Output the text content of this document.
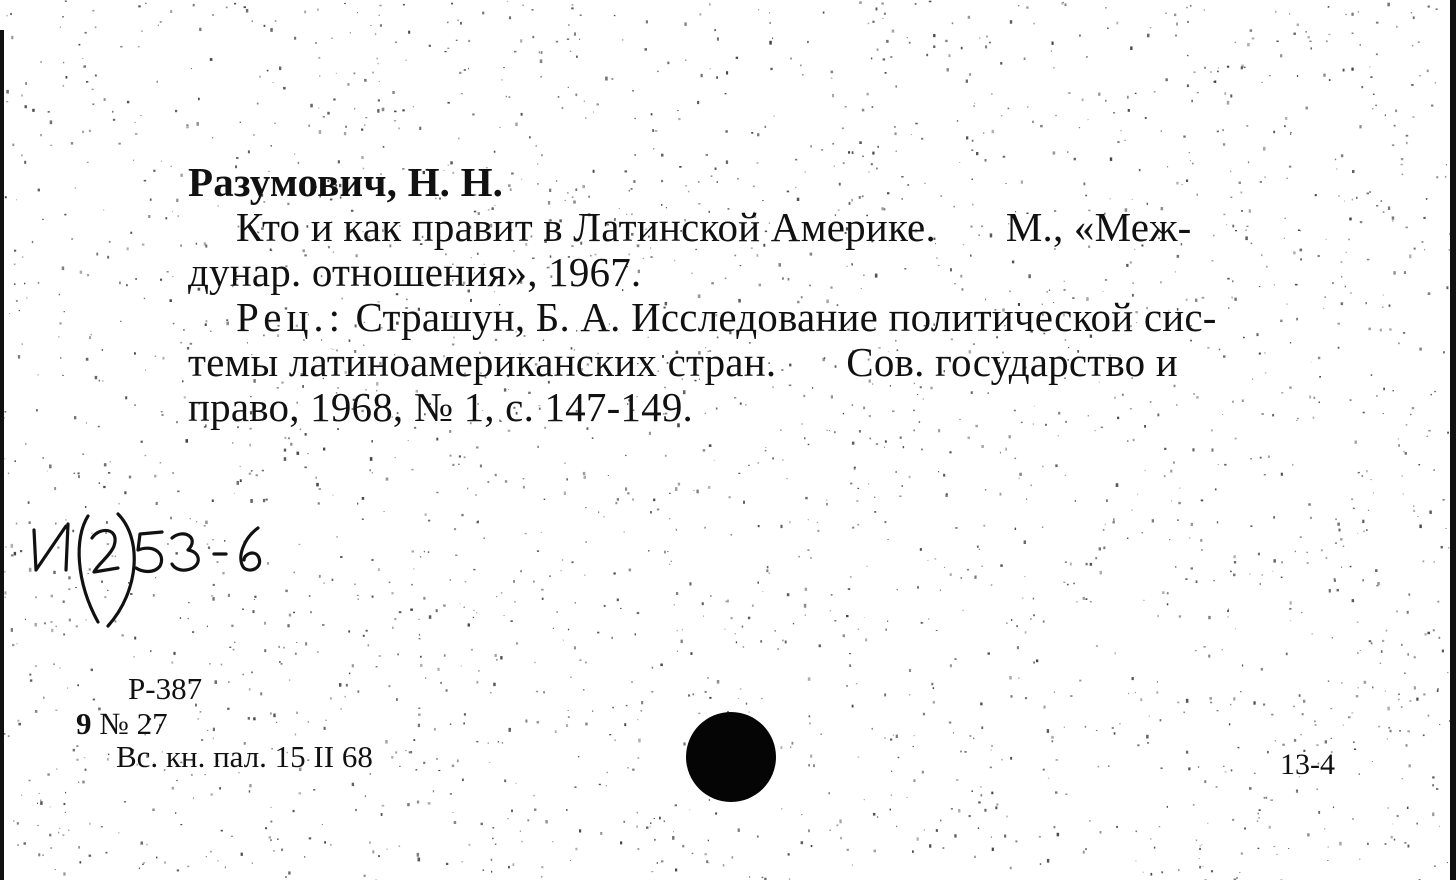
Разумович, Н. Н.
Кто и как правит в Латинской Америке. М., «Меж-
дунар. отношения», 1967.
Рец.: Страшун, Б. А. Исследование политической сис-
темы латиноамериканских стран. Сов. государство и
право, 1968, № 1, с. 147-149.
Р-387
9 № 27
Вс. кн. пал. 15 II 68	13-4
